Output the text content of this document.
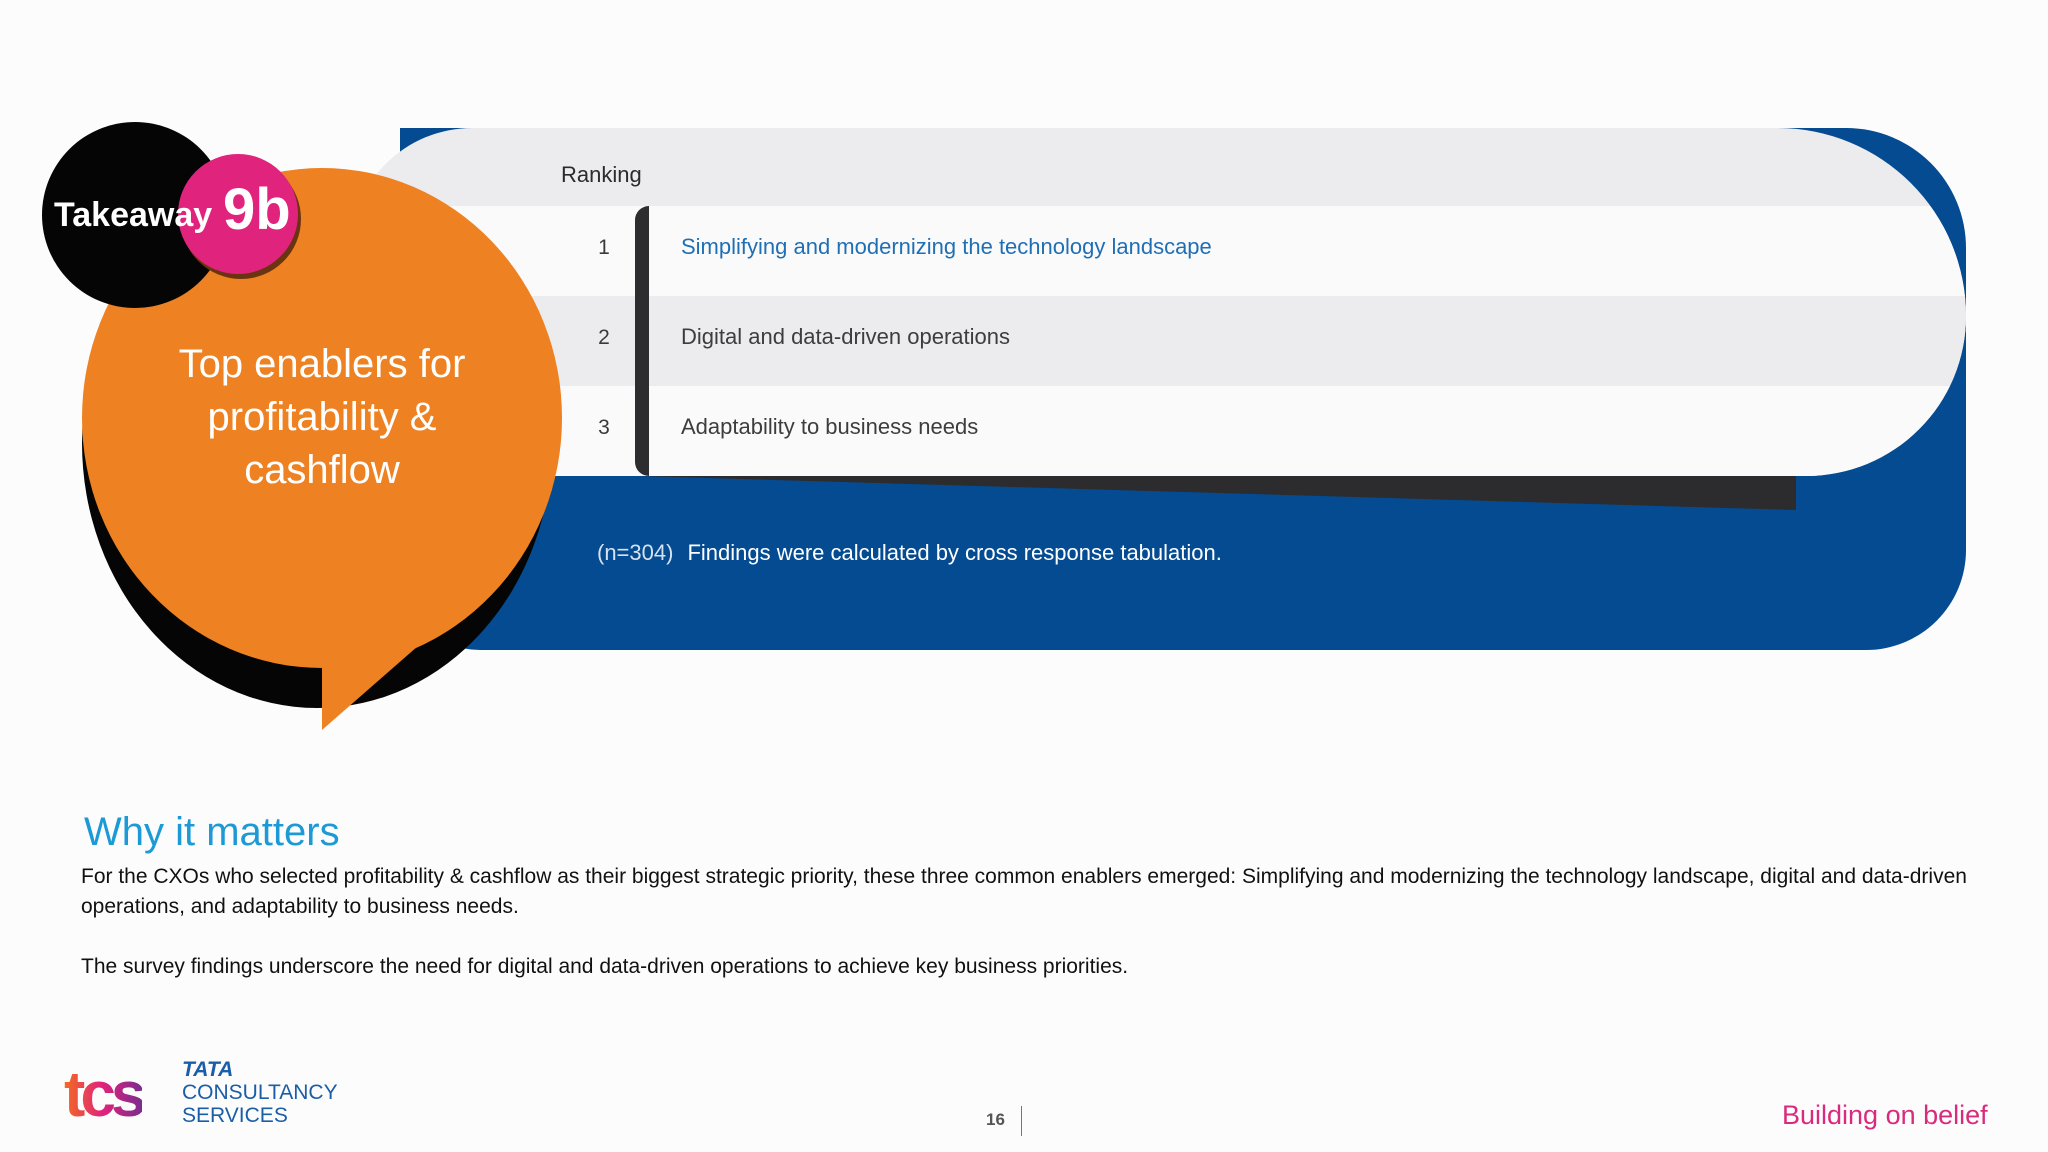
(n=304) Findings were calculated by cross response tabulation.
Ranking
1	Simplifying and modernizing the technology landscape
2	Digital and data-driven operations
3	Adaptability to business needs
Top enablers for
profitability &
cashflow
Takeaway 9b
Why it matters

For the CXOs who selected profitability & cashflow as their biggest strategic priority, these three common enablers emerged: Simplifying and modernizing the technology landscape, digital and data-driven operations, and adaptability to business needs.

The survey findings underscore the need for digital and data-driven operations to achieve key business priorities.

tcs TATA
CONSULTANCY
SERVICES	16	Building on belief
